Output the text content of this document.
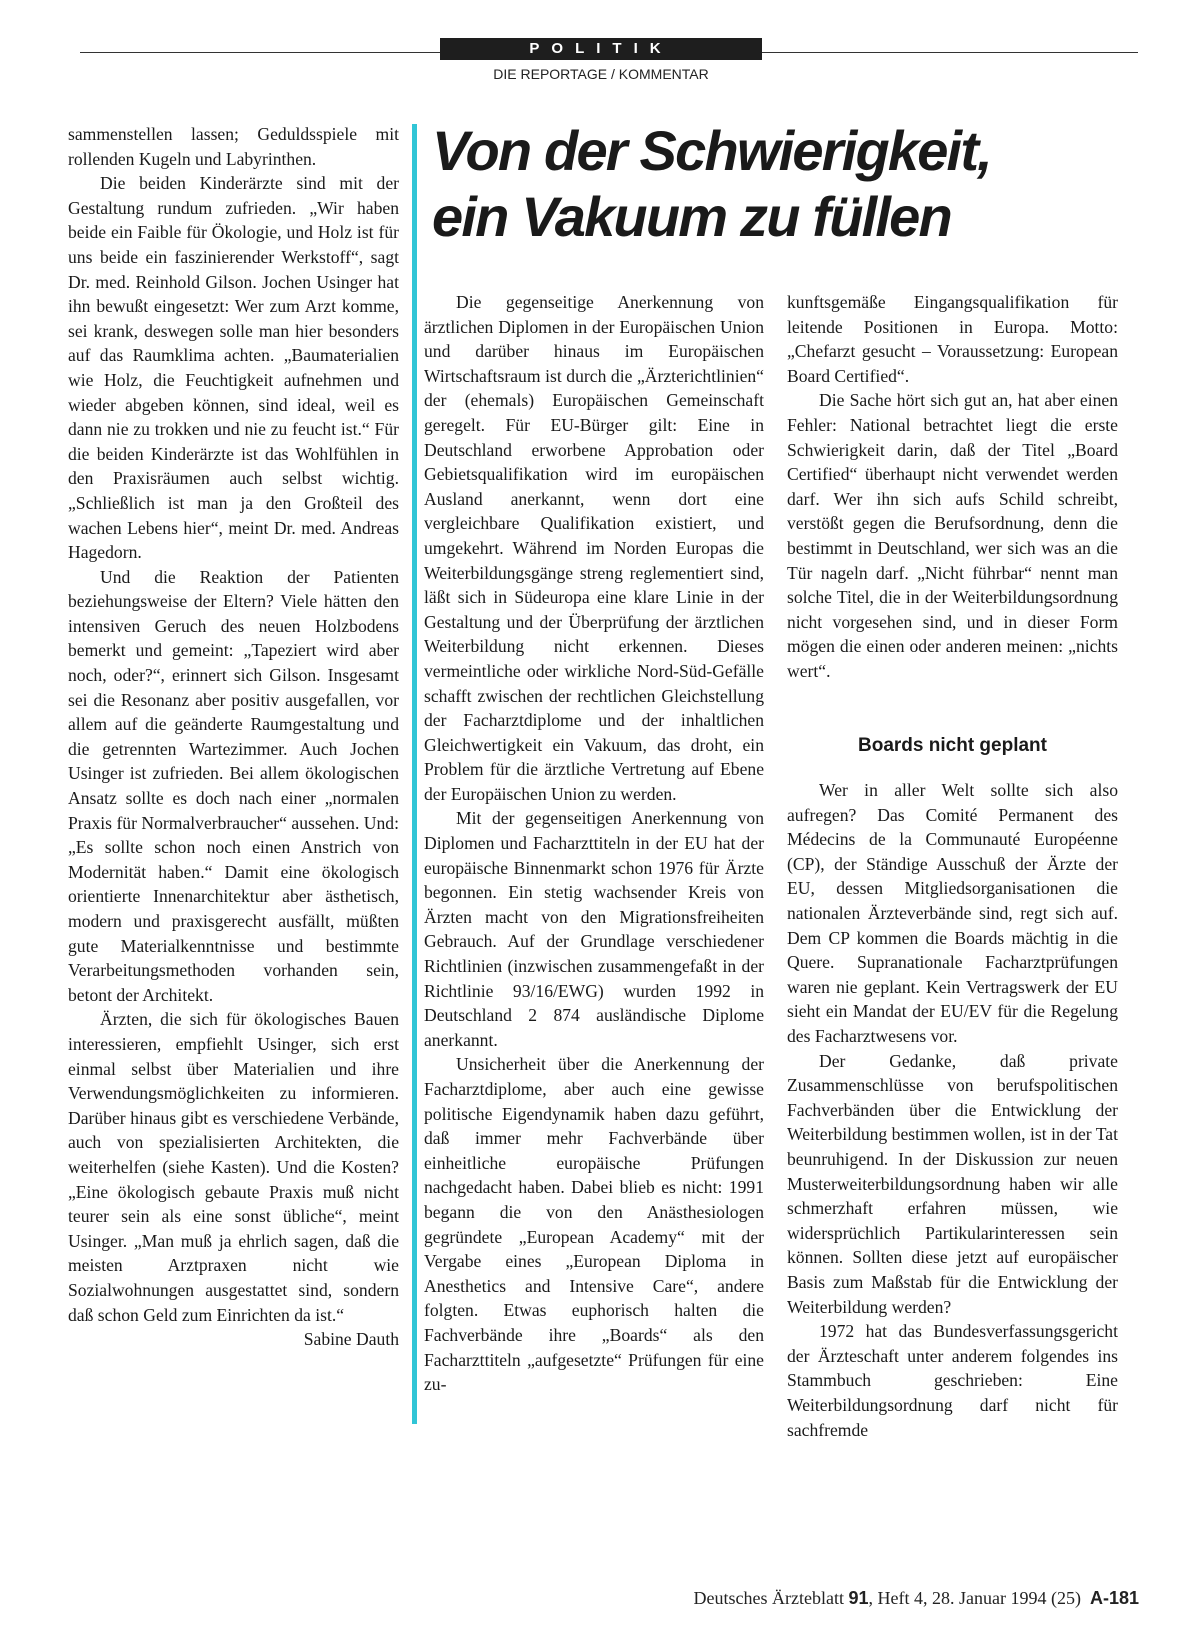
POLITIK
DIE REPORTAGE / KOMMENTAR

sammenstellen lassen; Geduldsspiele mit rollenden Kugeln und Labyrinthen.

Die beiden Kinderärzte sind mit der Gestaltung rundum zufrieden. „Wir haben beide ein Faible für Ökologie, und Holz ist für uns beide ein faszinierender Werkstoff“, sagt Dr. med. Reinhold Gilson. Jochen Usinger hat ihn bewußt eingesetzt: Wer zum Arzt komme, sei krank, deswegen solle man hier besonders auf das Raumklima achten. „Baumaterialien wie Holz, die Feuchtigkeit aufnehmen und wieder abgeben können, sind ideal, weil es dann nie zu trokken und nie zu feucht ist.“ Für die beiden Kinderärzte ist das Wohlfühlen in den Praxisräumen auch selbst wichtig. „Schließlich ist man ja den Großteil des wachen Lebens hier“, meint Dr. med. Andreas Hagedorn.

Und die Reaktion der Patienten beziehungsweise der Eltern? Viele hätten den intensiven Geruch des neuen Holzbodens bemerkt und gemeint: „Tapeziert wird aber noch, oder?“, erinnert sich Gilson. Insgesamt sei die Resonanz aber positiv ausgefallen, vor allem auf die geänderte Raumgestaltung und die getrennten Wartezimmer. Auch Jochen Usinger ist zufrieden. Bei allem ökologischen Ansatz sollte es doch nach einer „normalen Praxis für Normalverbraucher“ aussehen. Und: „Es sollte schon noch einen Anstrich von Modernität haben.“ Damit eine ökologisch orientierte Innenarchitektur aber ästhetisch, modern und praxisgerecht ausfällt, müßten gute Materialkenntnisse und bestimmte Verarbeitungsmethoden vorhanden sein, betont der Architekt.

Ärzten, die sich für ökologisches Bauen interessieren, empfiehlt Usinger, sich erst einmal selbst über Materialien und ihre Verwendungsmöglichkeiten zu informieren. Darüber hinaus gibt es verschiedene Verbände, auch von spezialisierten Architekten, die weiterhelfen (siehe Kasten). Und die Kosten? „Eine ökologisch gebaute Praxis muß nicht teurer sein als eine sonst übliche“, meint Usinger. „Man muß ja ehrlich sagen, daß die meisten Arztpraxen nicht wie Sozialwohnungen ausgestattet sind, sondern daß schon Geld zum Einrichten da ist.“
Sabine Dauth

Von der Schwierigkeit,
ein Vakuum zu füllen

Die gegenseitige Anerkennung von ärztlichen Diplomen in der Europäischen Union und darüber hinaus im Europäischen Wirtschaftsraum ist durch die „Ärzterichtlinien“ der (ehemals) Europäischen Gemeinschaft geregelt. Für EU-Bürger gilt: Eine in Deutschland erworbene Approbation oder Gebietsqualifikation wird im europäischen Ausland anerkannt, wenn dort eine vergleichbare Qualifikation existiert, und umgekehrt. Während im Norden Europas die Weiterbildungsgänge streng reglementiert sind, läßt sich in Südeuropa eine klare Linie in der Gestaltung und der Überprüfung der ärztlichen Weiterbildung nicht erkennen. Dieses vermeintliche oder wirkliche Nord-Süd-Gefälle schafft zwischen der rechtlichen Gleichstellung der Facharztdiplome und der inhaltlichen Gleichwertigkeit ein Vakuum, das droht, ein Problem für die ärztliche Vertretung auf Ebene der Europäischen Union zu werden.

Mit der gegenseitigen Anerkennung von Diplomen und Facharzttiteln in der EU hat der europäische Binnenmarkt schon 1976 für Ärzte begonnen. Ein stetig wachsender Kreis von Ärzten macht von den Migrationsfreiheiten Gebrauch. Auf der Grundlage verschiedener Richtlinien (inzwischen zusammengefaßt in der Richtlinie 93/16/EWG) wurden 1992 in Deutschland 2 874 ausländische Diplome anerkannt.

Unsicherheit über die Anerkennung der Facharztdiplome, aber auch eine gewisse politische Eigendynamik haben dazu geführt, daß immer mehr Fachverbände über einheitliche europäische Prüfungen nachgedacht haben. Dabei blieb es nicht: 1991 begann die von den Anästhesiologen gegründete „European Academy“ mit der Vergabe eines „European Diploma in Anesthetics and Intensive Care“, andere folgten. Etwas euphorisch halten die Fachverbände ihre „Boards“ als den Facharzttiteln „aufgesetzte“ Prüfungen für eine zu-

kunftsgemäße Eingangsqualifikation für leitende Positionen in Europa. Motto: „Chefarzt gesucht – Voraussetzung: European Board Certified“.

Die Sache hört sich gut an, hat aber einen Fehler: National betrachtet liegt die erste Schwierigkeit darin, daß der Titel „Board Certified“ überhaupt nicht verwendet werden darf. Wer ihn sich aufs Schild schreibt, verstößt gegen die Berufsordnung, denn die bestimmt in Deutschland, wer sich was an die Tür nageln darf. „Nicht führbar“ nennt man solche Titel, die in der Weiterbildungsordnung nicht vorgesehen sind, und in dieser Form mögen die einen oder anderen meinen: „nichts wert“.

Boards nicht geplant

Wer in aller Welt sollte sich also aufregen? Das Comité Permanent des Médecins de la Communauté Européenne (CP), der Ständige Ausschuß der Ärzte der EU, dessen Mitgliedsorganisationen die nationalen Ärzteverbände sind, regt sich auf. Dem CP kommen die Boards mächtig in die Quere. Supranationale Facharztprüfungen waren nie geplant. Kein Vertragswerk der EU sieht ein Mandat der EU/EV für die Regelung des Facharztwesens vor.

Der Gedanke, daß private Zusammenschlüsse von berufspolitischen Fachverbänden über die Entwicklung der Weiterbildung bestimmen wollen, ist in der Tat beunruhigend. In der Diskussion zur neuen Musterweiterbildungsordnung haben wir alle schmerzhaft erfahren müssen, wie widersprüchlich Partikularinteressen sein können. Sollten diese jetzt auf europäischer Basis zum Maßstab für die Entwicklung der Weiterbildung werden?

1972 hat das Bundesverfassungsgericht der Ärzteschaft unter anderem folgendes ins Stammbuch geschrieben: Eine Weiterbildungsordnung darf nicht für sachfremde

Deutsches Ärzteblatt 91, Heft 4, 28. Januar 1994 (25) A-181
